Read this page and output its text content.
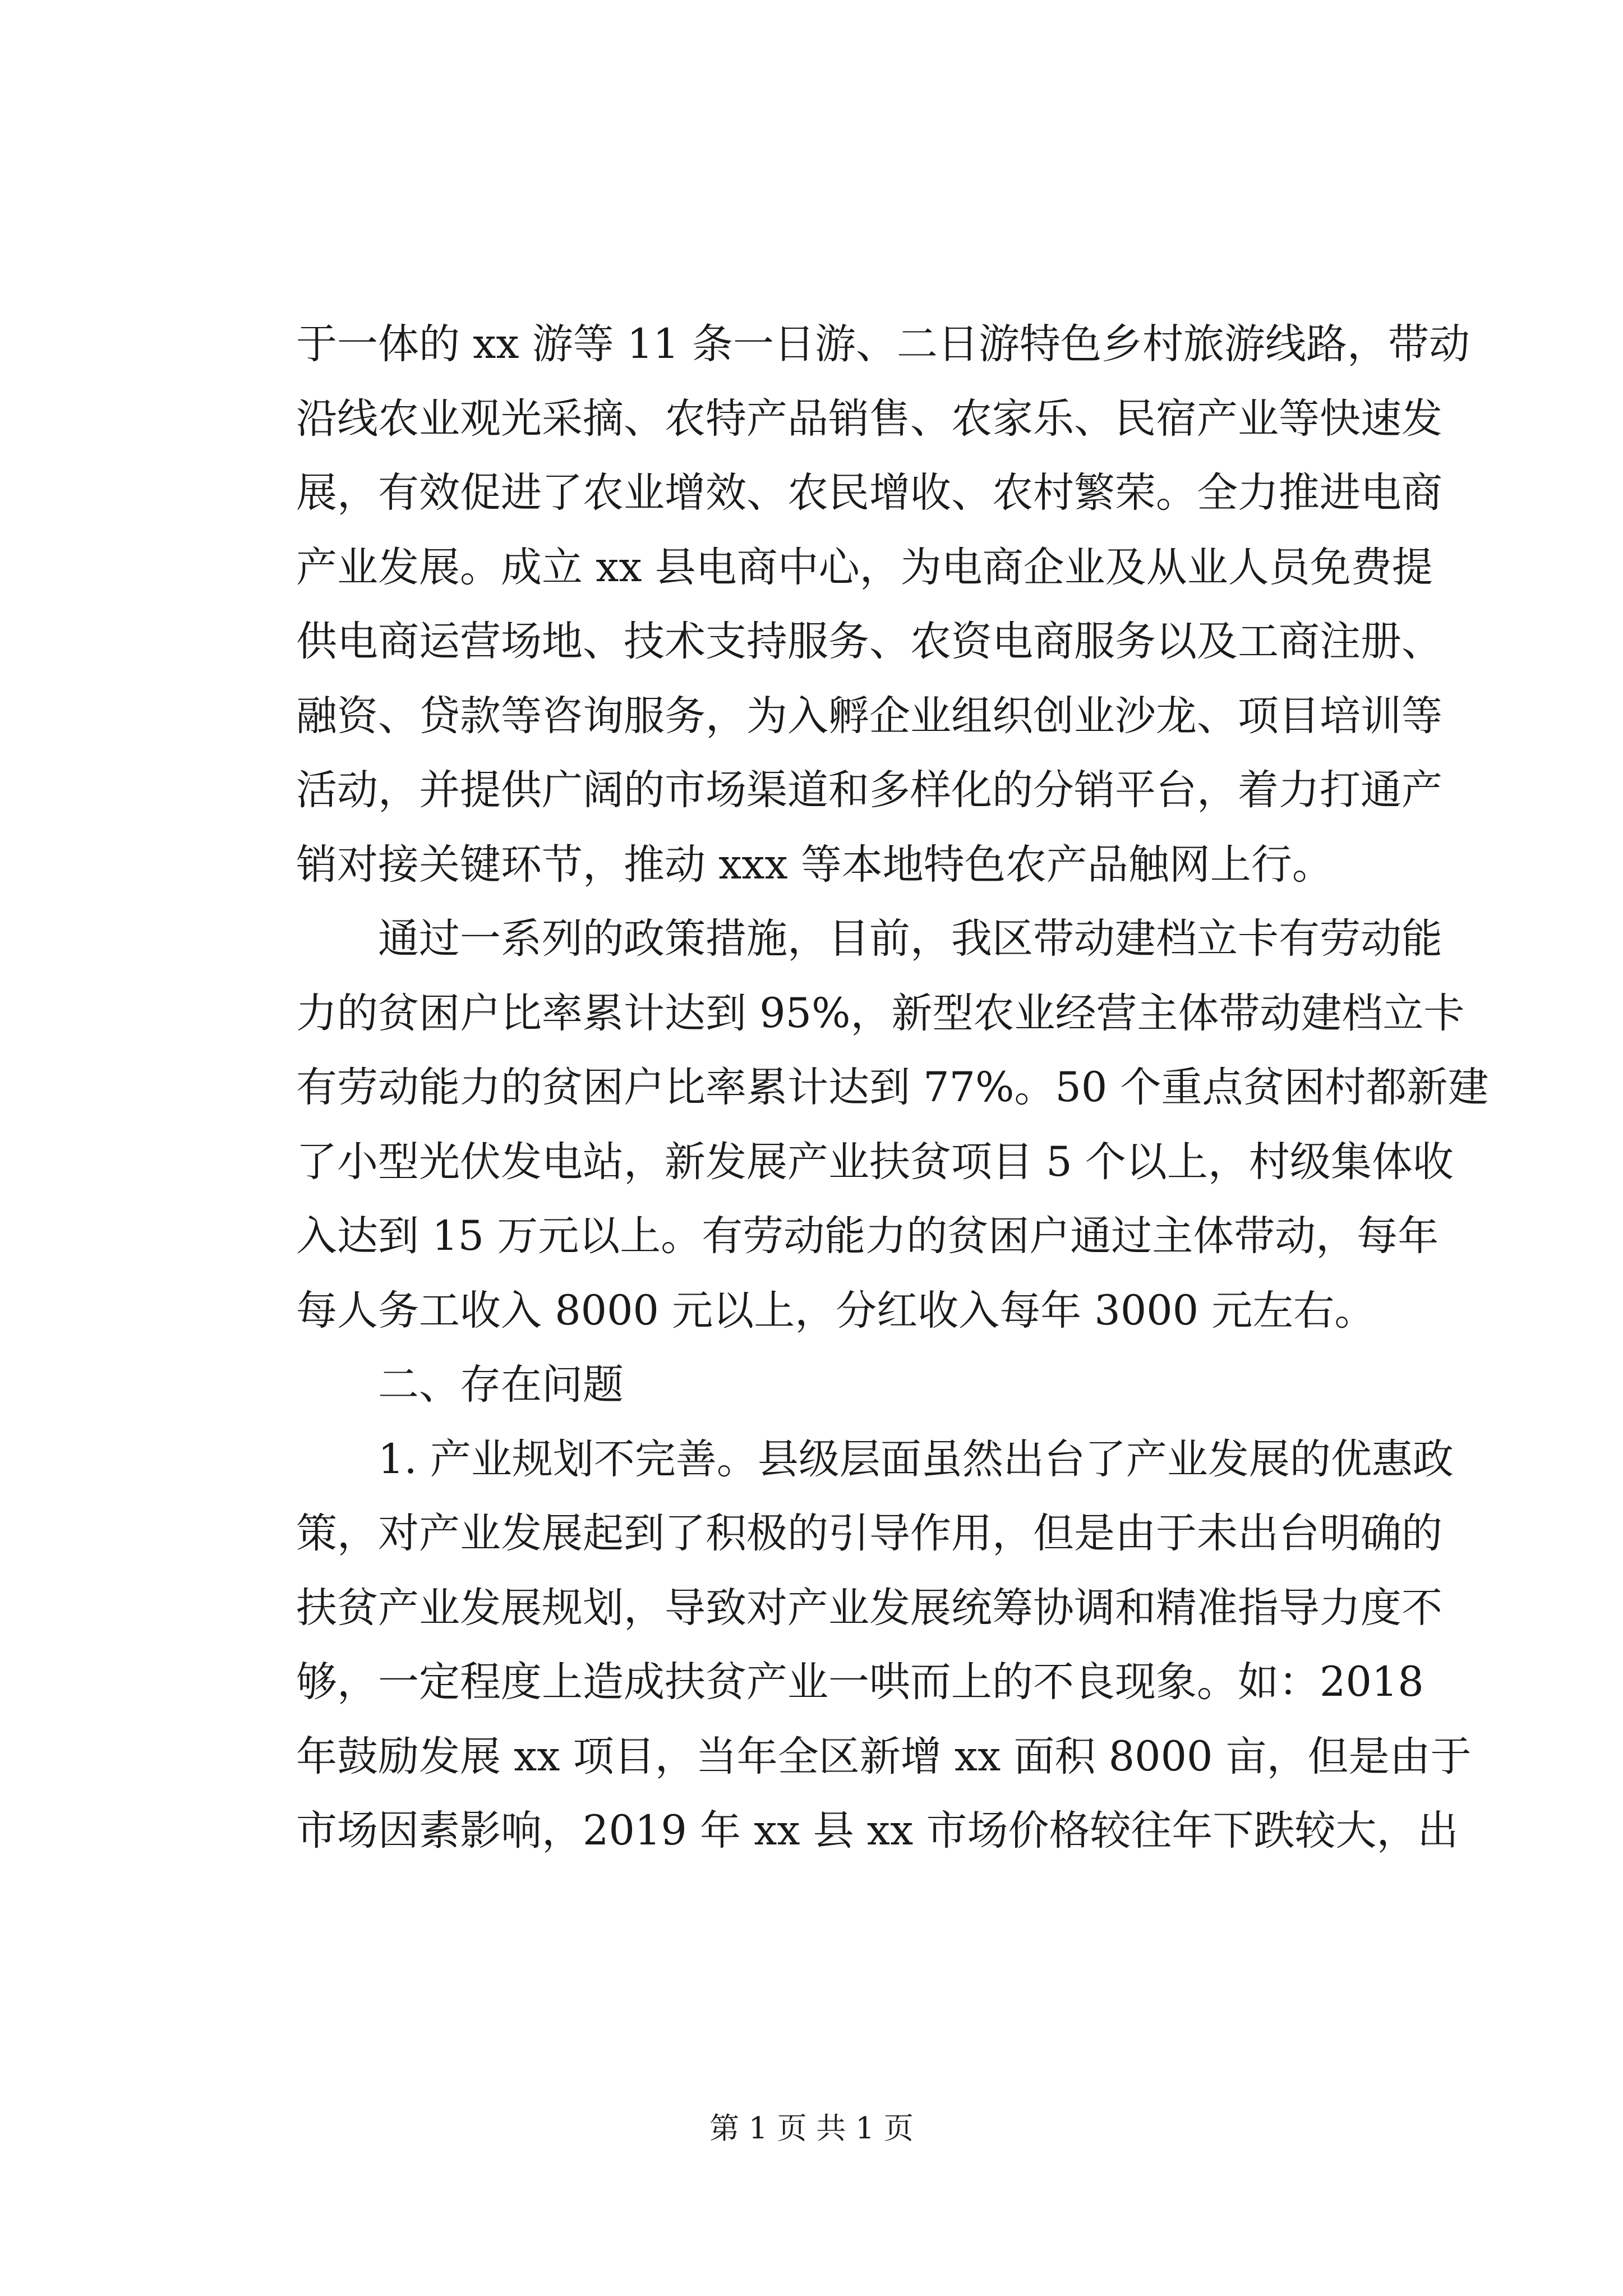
于一体的 xx 游等 11 条一日游、二日游特色乡村旅游线路，带动
沿线农业观光采摘、农特产品销售、农家乐、民宿产业等快速发
展，有效促进了农业增效、农民增收、农村繁荣。全力推进电商
产业发展。成立 xx 县电商中心，为电商企业及从业人员免费提
供电商运营场地、技术支持服务、农资电商服务以及工商注册、
融资、贷款等咨询服务，为入孵企业组织创业沙龙、项目培训等
活动，并提供广阔的市场渠道和多样化的分销平台，着力打通产
销对接关键环节，推动 xxx 等本地特色农产品触网上行。
　　通过一系列的政策措施，目前，我区带动建档立卡有劳动能
力的贫困户比率累计达到 95%，新型农业经营主体带动建档立卡
有劳动能力的贫困户比率累计达到 77%。50 个重点贫困村都新建
了小型光伏发电站，新发展产业扶贫项目 5 个以上，村级集体收
入达到 15 万元以上。有劳动能力的贫困户通过主体带动，每年
每人务工收入 8000 元以上，分红收入每年 3000 元左右。
　　二、存在问题
　　1. 产业规划不完善。县级层面虽然出台了产业发展的优惠政
策，对产业发展起到了积极的引导作用，但是由于未出台明确的
扶贫产业发展规划，导致对产业发展统筹协调和精准指导力度不
够，一定程度上造成扶贫产业一哄而上的不良现象。如：2018
年鼓励发展 xx 项目，当年全区新增 xx 面积 8000 亩，但是由于
市场因素影响，2019 年 xx 县 xx 市场价格较往年下跌较大，出
第 1 页 共 1 页
